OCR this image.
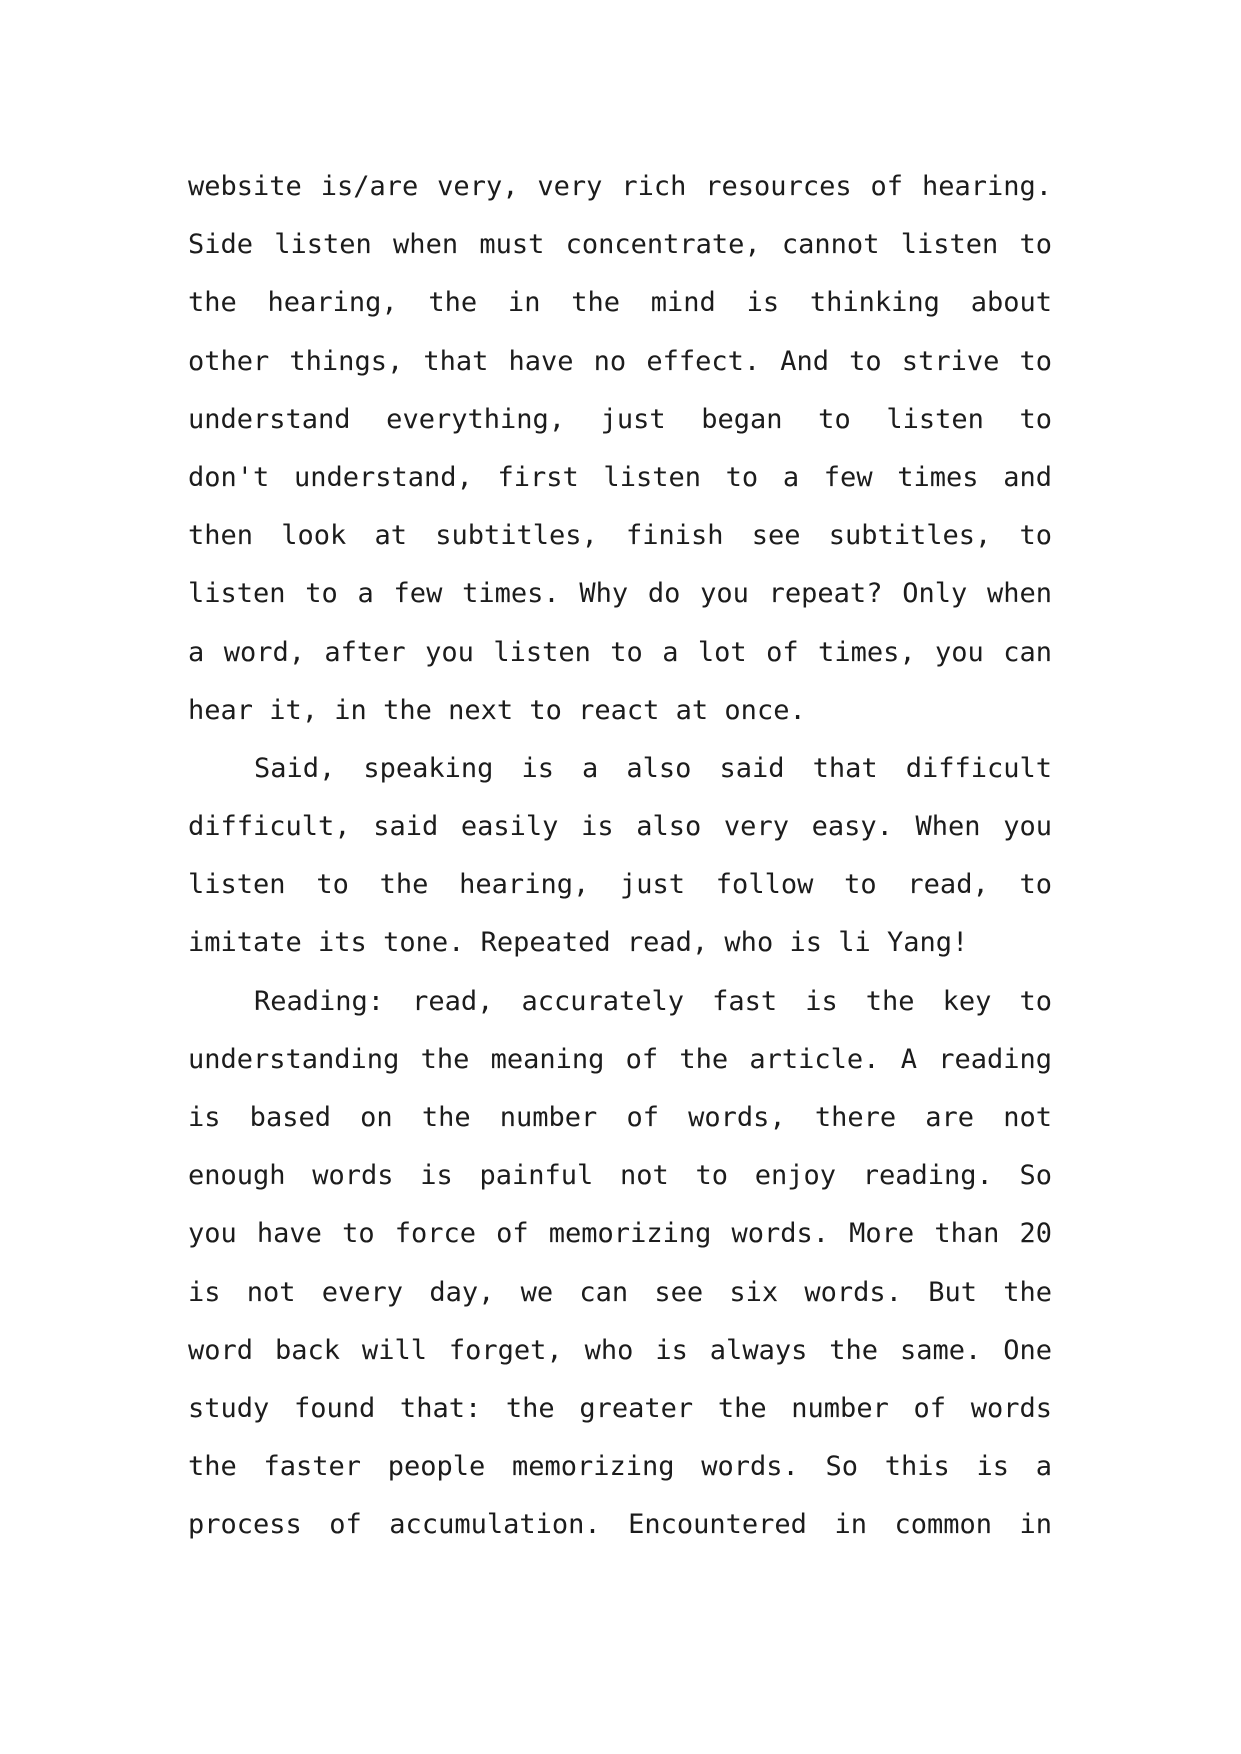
website is/are very, very rich resources of hearing.
Side listen when must concentrate, cannot listen to
the hearing, the in the mind is thinking about
other things, that have no effect. And to strive to
understand everything, just began to listen to
don't understand, first listen to a few times and
then look at subtitles, finish see subtitles, to
listen to a few times. Why do you repeat? Only when
a word, after you listen to a lot of times, you can
hear it, in the next to react at once.
Said, speaking is a also said that difficult
difficult, said easily is also very easy. When you
listen to the hearing, just follow to read, to
imitate its tone. Repeated read, who is li Yang!
Reading: read, accurately fast is the key to
understanding the meaning of the article. A reading
is based on the number of words, there are not
enough words is painful not to enjoy reading. So
you have to force of memorizing words. More than 20
is not every day, we can see six words. But the
word back will forget, who is always the same. One
study found that: the greater the number of words
the faster people memorizing words. So this is a
process of accumulation. Encountered in common in
